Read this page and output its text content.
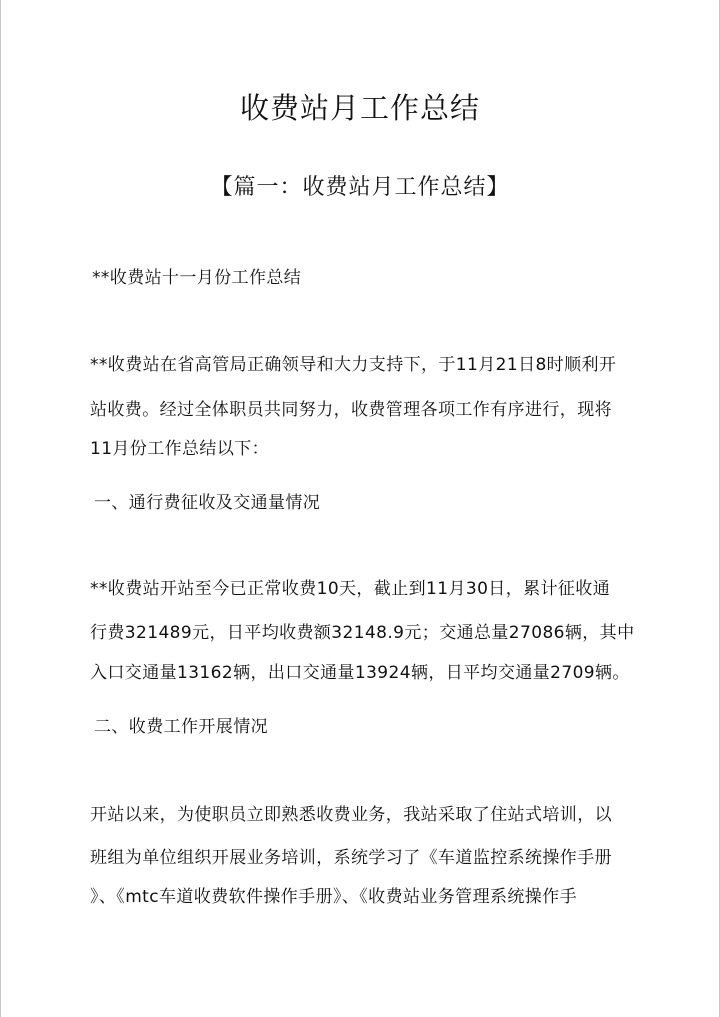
收费站月工作总结
【篇一：收费站月工作总结】
**收费站十一月份工作总结
**收费站在省高管局正确领导和大力支持下，于11月21日8时顺利开
站收费。经过全体职员共同努力，收费管理各项工作有序进行，现将
11月份工作总结以下：
一、通行费征收及交通量情况
**收费站开站至今已正常收费10天，截止到11月30日，累计征收通
行费321489元，日平均收费额32148.9元；交通总量27086辆，其中
入口交通量13162辆，出口交通量13924辆，日平均交通量2709辆。
二、收费工作开展情况
开站以来，为使职员立即熟悉收费业务，我站采取了住站式培训，以
班组为单位组织开展业务培训，系统学习了《车道监控系统操作手册
》、《mtc车道收费软件操作手册》、《收费站业务管理系统操作手
